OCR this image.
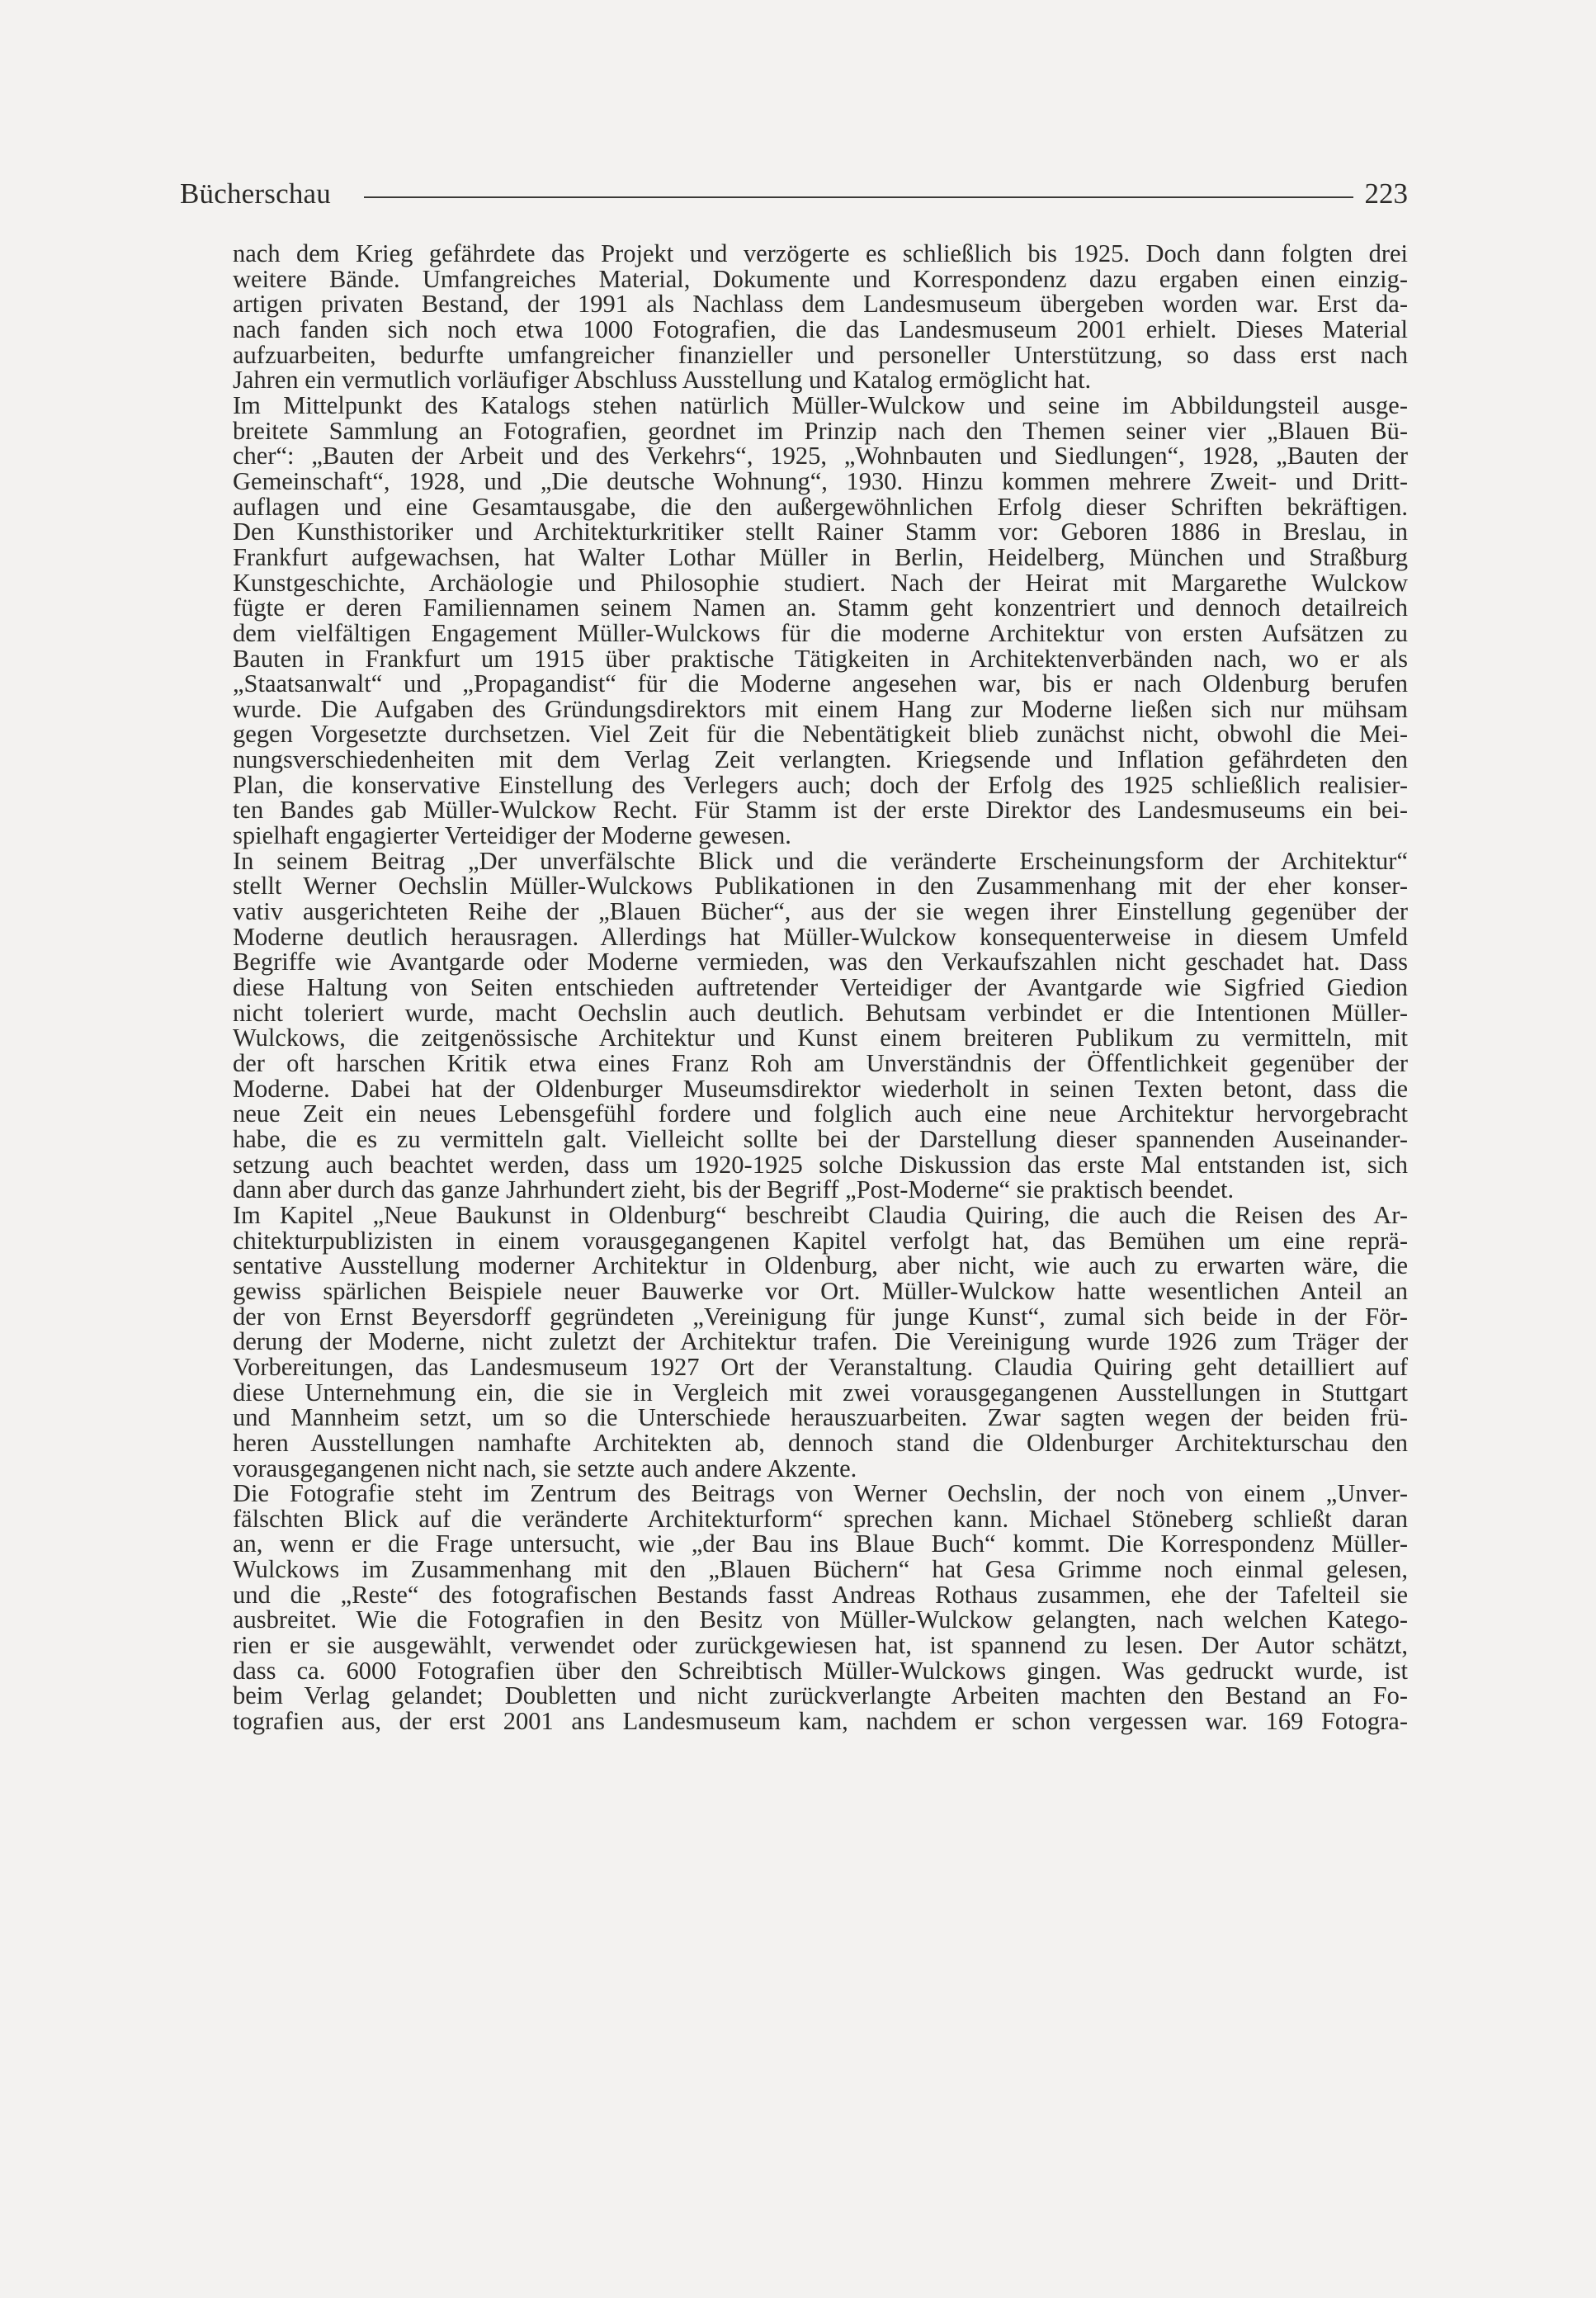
Bücherschau	223
nach dem Krieg gefährdete das Projekt und verzögerte es schließlich bis 1925. Doch dann folgten drei
weitere Bände. Umfangreiches Material, Dokumente und Korrespondenz dazu ergaben einen einzig-
artigen privaten Bestand, der 1991 als Nachlass dem Landesmuseum übergeben worden war. Erst da-
nach fanden sich noch etwa 1000 Fotografien, die das Landesmuseum 2001 erhielt. Dieses Material
aufzuarbeiten, bedurfte umfangreicher finanzieller und personeller Unterstützung, so dass erst nach
Jahren ein vermutlich vorläufiger Abschluss Ausstellung und Katalog ermöglicht hat.
Im Mittelpunkt des Katalogs stehen natürlich Müller-Wulckow und seine im Abbildungsteil ausge-
breitete Sammlung an Fotografien, geordnet im Prinzip nach den Themen seiner vier „Blauen Bü-
cher“: „Bauten der Arbeit und des Verkehrs“, 1925, „Wohnbauten und Siedlungen“, 1928, „Bauten der
Gemeinschaft“, 1928, und „Die deutsche Wohnung“, 1930. Hinzu kommen mehrere Zweit- und Dritt-
auflagen und eine Gesamtausgabe, die den außergewöhnlichen Erfolg dieser Schriften bekräftigen.
Den Kunsthistoriker und Architekturkritiker stellt Rainer Stamm vor: Geboren 1886 in Breslau, in
Frankfurt aufgewachsen, hat Walter Lothar Müller in Berlin, Heidelberg, München und Straßburg
Kunstgeschichte, Archäologie und Philosophie studiert. Nach der Heirat mit Margarethe Wulckow
fügte er deren Familiennamen seinem Namen an. Stamm geht konzentriert und dennoch detailreich
dem vielfältigen Engagement Müller-Wulckows für die moderne Architektur von ersten Aufsätzen zu
Bauten in Frankfurt um 1915 über praktische Tätigkeiten in Architektenverbänden nach, wo er als
„Staatsanwalt“ und „Propagandist“ für die Moderne angesehen war, bis er nach Oldenburg berufen
wurde. Die Aufgaben des Gründungsdirektors mit einem Hang zur Moderne ließen sich nur mühsam
gegen Vorgesetzte durchsetzen. Viel Zeit für die Nebentätigkeit blieb zunächst nicht, obwohl die Mei-
nungsverschiedenheiten mit dem Verlag Zeit verlangten. Kriegsende und Inflation gefährdeten den
Plan, die konservative Einstellung des Verlegers auch; doch der Erfolg des 1925 schließlich realisier-
ten Bandes gab Müller-Wulckow Recht. Für Stamm ist der erste Direktor des Landesmuseums ein bei-
spielhaft engagierter Verteidiger der Moderne gewesen.
In seinem Beitrag „Der unverfälschte Blick und die veränderte Erscheinungsform der Architektur“
stellt Werner Oechslin Müller-Wulckows Publikationen in den Zusammenhang mit der eher konser-
vativ ausgerichteten Reihe der „Blauen Bücher“, aus der sie wegen ihrer Einstellung gegenüber der
Moderne deutlich herausragen. Allerdings hat Müller-Wulckow konsequenterweise in diesem Umfeld
Begriffe wie Avantgarde oder Moderne vermieden, was den Verkaufszahlen nicht geschadet hat. Dass
diese Haltung von Seiten entschieden auftretender Verteidiger der Avantgarde wie Sigfried Giedion
nicht toleriert wurde, macht Oechslin auch deutlich. Behutsam verbindet er die Intentionen Müller-
Wulckows, die zeitgenössische Architektur und Kunst einem breiteren Publikum zu vermitteln, mit
der oft harschen Kritik etwa eines Franz Roh am Unverständnis der Öffentlichkeit gegenüber der
Moderne. Dabei hat der Oldenburger Museumsdirektor wiederholt in seinen Texten betont, dass die
neue Zeit ein neues Lebensgefühl fordere und folglich auch eine neue Architektur hervorgebracht
habe, die es zu vermitteln galt. Vielleicht sollte bei der Darstellung dieser spannenden Auseinander-
setzung auch beachtet werden, dass um 1920-1925 solche Diskussion das erste Mal entstanden ist, sich
dann aber durch das ganze Jahrhundert zieht, bis der Begriff „Post-Moderne“ sie praktisch beendet.
Im Kapitel „Neue Baukunst in Oldenburg“ beschreibt Claudia Quiring, die auch die Reisen des Ar-
chitekturpublizisten in einem vorausgegangenen Kapitel verfolgt hat, das Bemühen um eine reprä-
sentative Ausstellung moderner Architektur in Oldenburg, aber nicht, wie auch zu erwarten wäre, die
gewiss spärlichen Beispiele neuer Bauwerke vor Ort. Müller-Wulckow hatte wesentlichen Anteil an
der von Ernst Beyersdorff gegründeten „Vereinigung für junge Kunst“, zumal sich beide in der För-
derung der Moderne, nicht zuletzt der Architektur trafen. Die Vereinigung wurde 1926 zum Träger der
Vorbereitungen, das Landesmuseum 1927 Ort der Veranstaltung. Claudia Quiring geht detailliert auf
diese Unternehmung ein, die sie in Vergleich mit zwei vorausgegangenen Ausstellungen in Stuttgart
und Mannheim setzt, um so die Unterschiede herauszuarbeiten. Zwar sagten wegen der beiden frü-
heren Ausstellungen namhafte Architekten ab, dennoch stand die Oldenburger Architekturschau den
vorausgegangenen nicht nach, sie setzte auch andere Akzente.
Die Fotografie steht im Zentrum des Beitrags von Werner Oechslin, der noch von einem „Unver-
fälschten Blick auf die veränderte Architekturform“ sprechen kann. Michael Stöneberg schließt daran
an, wenn er die Frage untersucht, wie „der Bau ins Blaue Buch“ kommt. Die Korrespondenz Müller-
Wulckows im Zusammenhang mit den „Blauen Büchern“ hat Gesa Grimme noch einmal gelesen,
und die „Reste“ des fotografischen Bestands fasst Andreas Rothaus zusammen, ehe der Tafelteil sie
ausbreitet. Wie die Fotografien in den Besitz von Müller-Wulckow gelangten, nach welchen Katego-
rien er sie ausgewählt, verwendet oder zurückgewiesen hat, ist spannend zu lesen. Der Autor schätzt,
dass ca. 6000 Fotografien über den Schreibtisch Müller-Wulckows gingen. Was gedruckt wurde, ist
beim Verlag gelandet; Doubletten und nicht zurückverlangte Arbeiten machten den Bestand an Fo-
tografien aus, der erst 2001 ans Landesmuseum kam, nachdem er schon vergessen war. 169 Fotogra-
